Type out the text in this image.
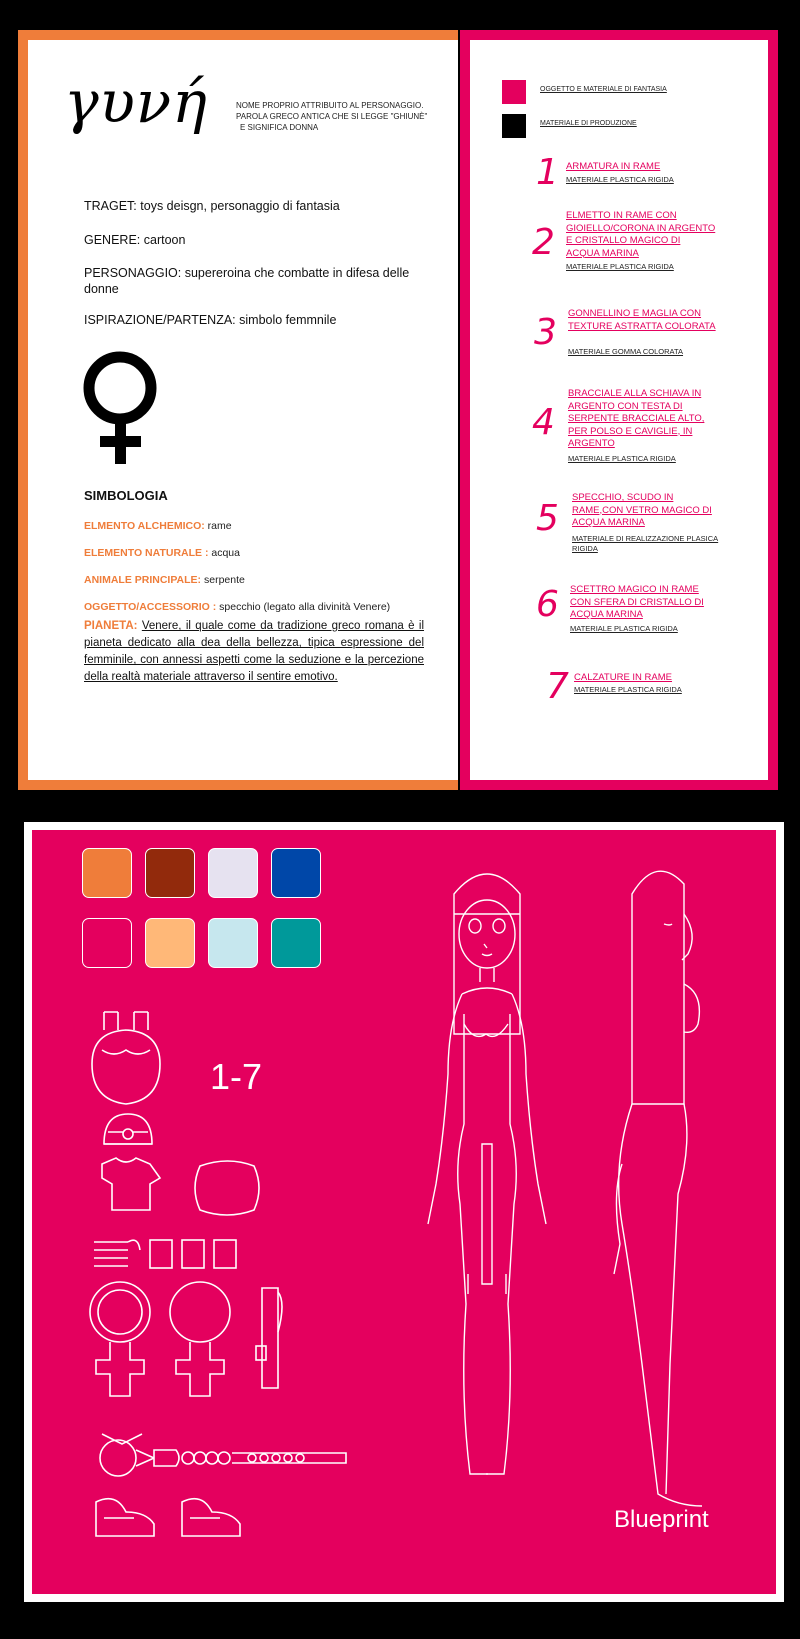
γυνή	NOME PROPRIO ATTRIBUITO AL PERSONAGGIO.
PAROLA GRECO ANTICA CHE SI LEGGE "GHIUNÈ"
E SIGNIFICA DONNA
TRAGET: toys deisgn, personaggio di fantasia
GENERE: cartoon
PERSONAGGIO: supereroina che combatte in difesa delle donne
ISPIRAZIONE/PARTENZA: simbolo femmnile
SIMBOLOGIA
ELMENTO ALCHEMICO: rame
ELEMENTO NATURALE : acqua
ANIMALE PRINCIPALE: serpente
OGGETTO/ACCESSORIO : specchio (legato alla divinità Venere)
PIANETA: Venere, il quale come da tradizione greco romana è il pianeta dedicato alla dea della bellezza, tipica espressione del femminile, con annessi aspetti come la seduzione e la percezione della realtà materiale attraverso il sentire emotivo.
OGGETTO E MATERIALE DI FANTASIA
MATERIALE DI PRODUZIONE
1 ARMATURA IN RAME
MATERIALE PLASTICA RIGIDA
2
ELMETTO IN RAME CON GIOIELLO/CORONA IN ARGENTO E CRISTALLO MAGICO DI ACQUA MARINA
MATERIALE PLASTICA RIGIDA
3 GONNELLINO E MAGLIA CON TEXTURE ASTRATTA COLORATA
MATERIALE GOMMA COLORATA
4
BRACCIALE ALLA SCHIAVA IN ARGENTO CON TESTA DI SERPENTE BRACCIALE ALTO, PER POLSO E CAVIGLIE, IN ARGENTO
MATERIALE PLASTICA RIGIDA
5
SPECCHIO, SCUDO IN RAME,CON VETRO MAGICO DI ACQUA MARINA
MATERIALE DI REALIZZAZIONE PLASICA RIGIDA
6 SCETTRO MAGICO IN RAME CON SFERA DI CRISTALLO DI ACQUA MARINA
MATERIALE PLASTICA RIGIDA
7 CALZATURE IN RAME
MATERIALE PLASTICA RIGIDA
1-7
Blueprint
